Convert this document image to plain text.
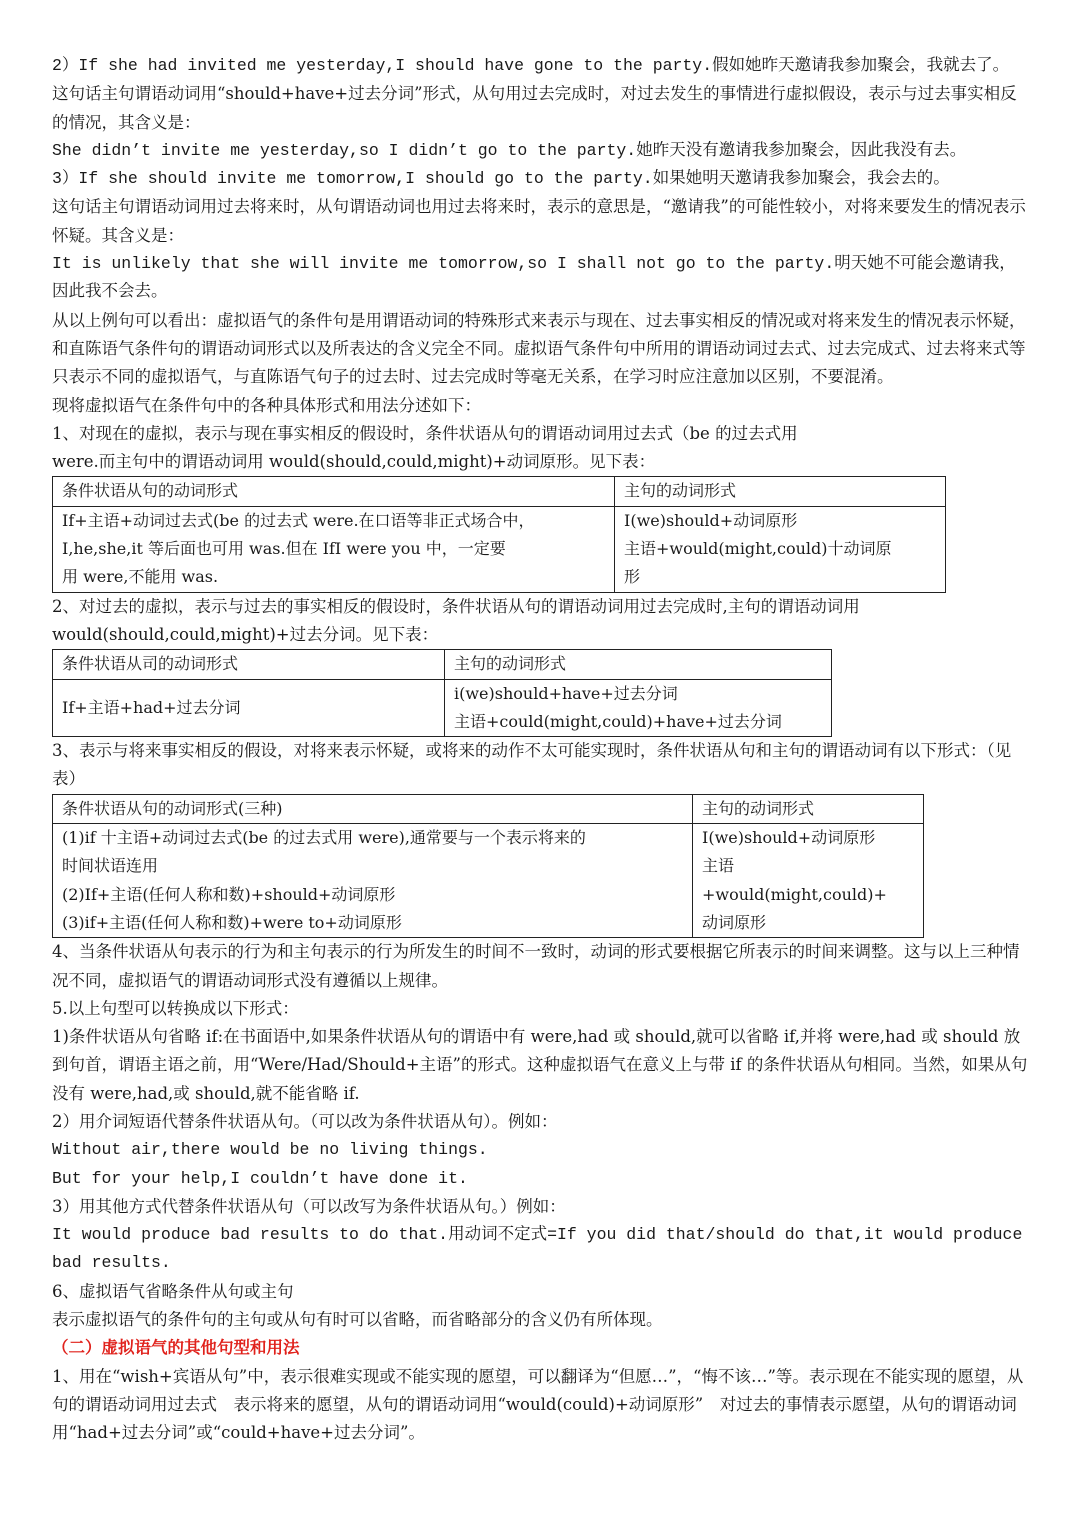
2）If she had invited me yesterday,I should have gone to the party.假如她昨天邀请我参加聚会，我就去了。

这句话主句谓语动词用“should+have+过去分词”形式，从句用过去完成时，对过去发生的事情进行虚拟假设，表示与过去事实相反的情况，其含义是：

She didn’t invite me yesterday,so I didn’t go to the party.她昨天没有邀请我参加聚会，因此我没有去。

3）If she should invite me tomorrow,I should go to the party.如果她明天邀请我参加聚会，我会去的。

这句话主句谓语动词用过去将来时，从句谓语动词也用过去将来时，表示的意思是，“邀请我”的可能性较小，对将来要发生的情况表示怀疑。其含义是：

It is unlikely that she will invite me tomorrow,so I shall not go to the party.明天她不可能会邀请我，因此我不会去。

从以上例句可以看出：虚拟语气的条件句是用谓语动词的特殊形式来表示与现在、过去事实相反的情况或对将来发生的情况表示怀疑，和直陈语气条件句的谓语动词形式以及所表达的含义完全不同。虚拟语气条件句中所用的谓语动词过去式、过去完成式、过去将来式等只表示不同的虚拟语气，与直陈语气句子的过去时、过去完成时等毫无关系，在学习时应注意加以区别，不要混淆。

现将虚拟语气在条件句中的各种具体形式和用法分述如下：

1、对现在的虚拟，表示与现在事实相反的假设时，条件状语从句的谓语动词用过去式（be 的过去式用

were.而主句中的谓语动词用 would(should,could,might)+动词原形。见下表：

条件状语从句的动词形式	主句的动词形式

If+主语+动词过去式(be 的过去式 were.在口语等非正式场合中，
I,he,she,it 等后面也可用 was.但在 IfI were you 中，一定要
用 were,不能用 was.	I(we)should+动词原形
主语+would(might,could)十动词原
形

2、对过去的虚拟，表示与过去的事实相反的假设时，条件状语从句的谓语动词用过去完成时,主句的谓语动词用would(should,could,might)+过去分词。见下表：

条件状语从司的动词形式	主句的动词形式
If+主语+had+过去分词	i(we)should+have+过去分词
主语+could(might,could)+have+过去分词

3、表示与将来事实相反的假设，对将来表示怀疑，或将来的动作不太可能实现时，条件状语从句和主句的谓语动词有以下形式：（见表）

条件状语从句的动词形式(三种)	主句的动词形式

(1)if 十主语+动词过去式(be 的过去式用 were),通常要与一个表示将来的
时间状语连用
(2)If+主语(任何人称和数)+should+动词原形
(3)if+主语(任何人称和数)+were to+动词原形	I(we)should+动词原形
主语
+would(might,could)+
动词原形

4、当条件状语从句表示的行为和主句表示的行为所发生的时间不一致时，动词的形式要根据它所表示的时间来调整。这与以上三种情况不同，虚拟语气的谓语动词形式没有遵循以上规律。

5.以上句型可以转换成以下形式：

1)条件状语从句省略 if:在书面语中,如果条件状语从句的谓语中有 were,had 或 should,就可以省略 if,并将 were,had 或 should 放到句首，谓语主语之前，用“Were/Had/Should+主语”的形式。这种虚拟语气在意义上与带 if 的条件状语从句相同。当然，如果从句没有 were,had,或 should,就不能省略 if.

2）用介词短语代替条件状语从句。（可以改为条件状语从句）。例如：

Without air,there would be no living things.

But for your help,I couldn’t have done it.

3）用其他方式代替条件状语从句（可以改写为条件状语从句。）例如：

It would produce bad results to do that.用动词不定式=If you did that/should do that,it would produce bad results.

6、虚拟语气省略条件从句或主句

表示虚拟语气的条件句的主句或从句有时可以省略，而省略部分的含义仍有所体现。

（二）虚拟语气的其他句型和用法

1、用在“wish+宾语从句”中，表示很难实现或不能实现的愿望，可以翻译为“但愿…”，“悔不该…”等。表示现在不能实现的愿望，从句的谓语动词用过去式　表示将来的愿望，从句的谓语动词用“would(could)+动词原形”　对过去的事情表示愿望，从句的谓语动词用“had+过去分词”或“could+have+过去分词”。
